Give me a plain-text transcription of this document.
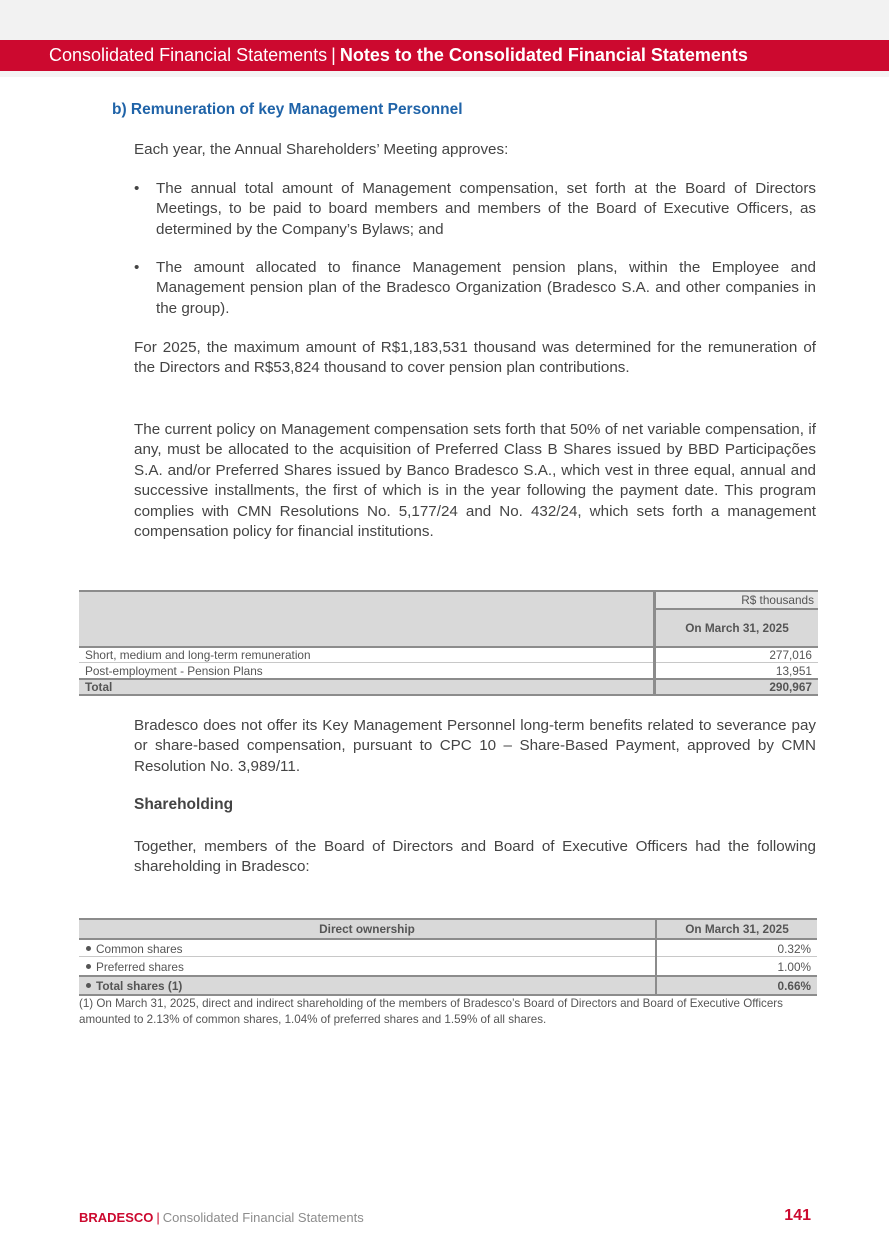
Consolidated Financial Statements | Notes to the Consolidated Financial Statements
b) Remuneration of key Management Personnel
Each year, the Annual Shareholders’ Meeting approves:
•	The annual total amount of Management compensation, set forth at the Board of Directors Meetings, to be paid to board members and members of the Board of Executive Officers, as determined by the Company’s Bylaws; and
•	The amount allocated to finance Management pension plans, within the Employee and Management pension plan of the Bradesco Organization (Bradesco S.A. and other companies in the group).
For 2025, the maximum amount of R$1,183,531 thousand was determined for the remuneration of the Directors and R$53,824 thousand to cover pension plan contributions.
The current policy on Management compensation sets forth that 50% of net variable compensation, if any, must be allocated to the acquisition of Preferred Class B Shares issued by BBD Participações S.A. and/or Preferred Shares issued by Banco Bradesco S.A., which vest in three equal, annual and successive installments, the first of which is in the year following the payment date. This program complies with CMN Resolutions No. 5,177/24 and No. 432/24, which sets forth a management compensation policy for financial institutions.
R$ thousands
On March 31, 2025
Short, medium and long-term remuneration	277,016
Post-employment - Pension Plans	13,951
Total	290,967
Bradesco does not offer its Key Management Personnel long-term benefits related to severance pay or share-based compensation, pursuant to CPC 10 – Share-Based Payment, approved by CMN Resolution No. 3,989/11.
Shareholding
Together, members of the Board of Directors and Board of Executive Officers had the following shareholding in Bradesco:
Direct ownership	On March 31, 2025
Common shares	0.32%
Preferred shares	1.00%
Total shares (1)	0.66%
(1) On March 31, 2025, direct and indirect shareholding of the members of Bradesco’s Board of Directors and Board of Executive Officers amounted to 2.13% of common shares, 1.04% of preferred shares and 1.59% of all shares.
BRADESCO | Consolidated Financial Statements	141
